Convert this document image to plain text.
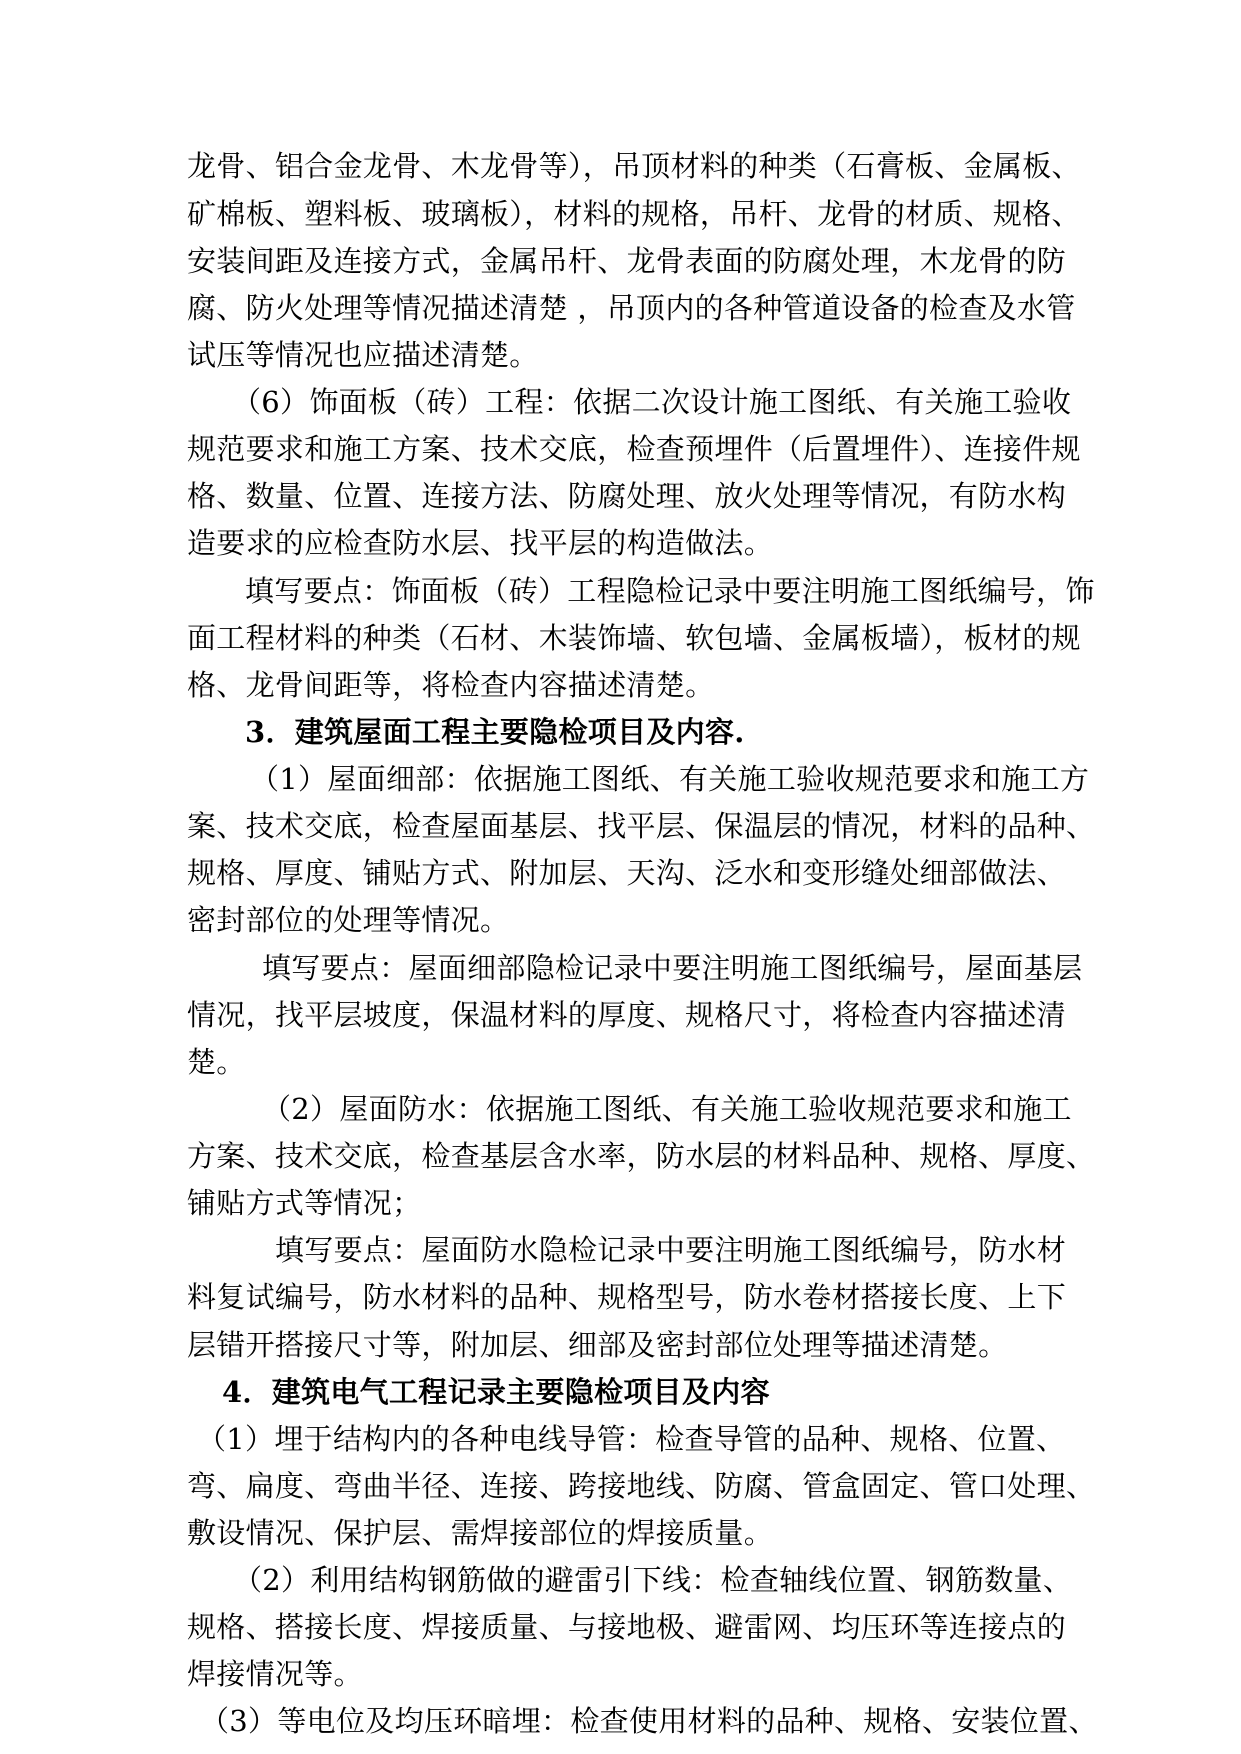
龙骨、铝合金龙骨、木龙骨等），吊顶材料的种类（石膏板、金属板、
矿棉板、塑料板、玻璃板），材料的规格，吊杆、龙骨的材质、规格、
安装间距及连接方式，金属吊杆、龙骨表面的防腐处理，木龙骨的防
腐、防火处理等情况描述清楚 ，吊顶内的各种管道设备的检查及水管
试压等情况也应描述清楚。
（6）饰面板（砖）工程：依据二次设计施工图纸、有关施工验收
规范要求和施工方案、技术交底，检查预埋件（后置埋件）、连接件规
格、数量、位置、连接方法、防腐处理、放火处理等情况，有防水构
造要求的应检查防水层、找平层的构造做法。
填写要点：饰面板（砖）工程隐检记录中要注明施工图纸编号，饰
面工程材料的种类（石材、木装饰墙、软包墙、金属板墙），板材的规
格、龙骨间距等，将检查内容描述清楚。
3．建筑屋面工程主要隐检项目及内容.
（1）屋面细部：依据施工图纸、有关施工验收规范要求和施工方
案、技术交底，检查屋面基层、找平层、保温层的情况，材料的品种、
规格、厚度、铺贴方式、附加层、天沟、泛水和变形缝处细部做法、
密封部位的处理等情况。
填写要点：屋面细部隐检记录中要注明施工图纸编号，屋面基层
情况，找平层坡度，保温材料的厚度、规格尺寸，将检查内容描述清
楚。
（2）屋面防水：依据施工图纸、有关施工验收规范要求和施工
方案、技术交底，检查基层含水率，防水层的材料品种、规格、厚度、
铺贴方式等情况；
填写要点：屋面防水隐检记录中要注明施工图纸编号，防水材
料复试编号，防水材料的品种、规格型号，防水卷材搭接长度、上下
层错开搭接尺寸等，附加层、细部及密封部位处理等描述清楚。
4．建筑电气工程记录主要隐检项目及内容
（1）埋于结构内的各种电线导管：检查导管的品种、规格、位置、
弯、扁度、弯曲半径、连接、跨接地线、防腐、管盒固定、管口处理、
敷设情况、保护层、需焊接部位的焊接质量。
（2）利用结构钢筋做的避雷引下线：检查轴线位置、钢筋数量、
规格、搭接长度、焊接质量、与接地极、避雷网、均压环等连接点的
焊接情况等。
（3）等电位及均压环暗埋：检查使用材料的品种、规格、安装位置、
